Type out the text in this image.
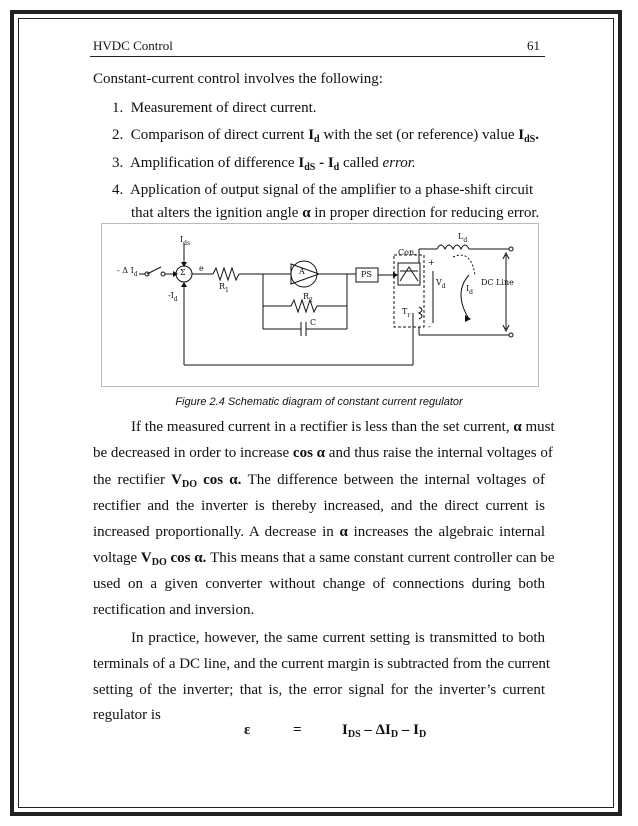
HVDC Control	61
Constant-current control involves the following:
1. Measurement of direct current.
2. Comparison of direct current $I_d$ with the set (or reference) value $I_{dS}$.
3. Amplification of difference $I_{dS} - I_d$ called error.
4. Application of output signal of the amplifier to a phase-shift circuit
that alters the ignition angle α in proper direction for reducing error.
$I_{ds}$
- Δ $I_d$	Σ e
$R_1$
A
$R_2$
C
$-I_d$
PS
Con.
$L_d$
+
-
$V_d$	$I_d$
DC Line
$T_r$
Figure 2.4 Schematic diagram of constant current regulator
If the measured current in a rectifier is less than the set current, α must
be decreased in order to increase cos α and thus raise the internal voltages of
the rectifier $V_{DO}$ cos α. The difference between the internal voltages of
rectifier and the inverter is thereby increased, and the direct current is
increased proportionally. A decrease in α increases the algebraic internal
voltage $V_{DO}$ cos α. This means that a same constant current controller can be
used on a given converter without change of connections during both
rectification and inversion.
In practice, however, the same current setting is transmitted to both
terminals of a DC line, and the current margin is subtracted from the current
setting of the inverter; that is, the error signal for the inverter’s current
regulator is
ε	=	$I_{DS} - \Delta I_D - I_D$
